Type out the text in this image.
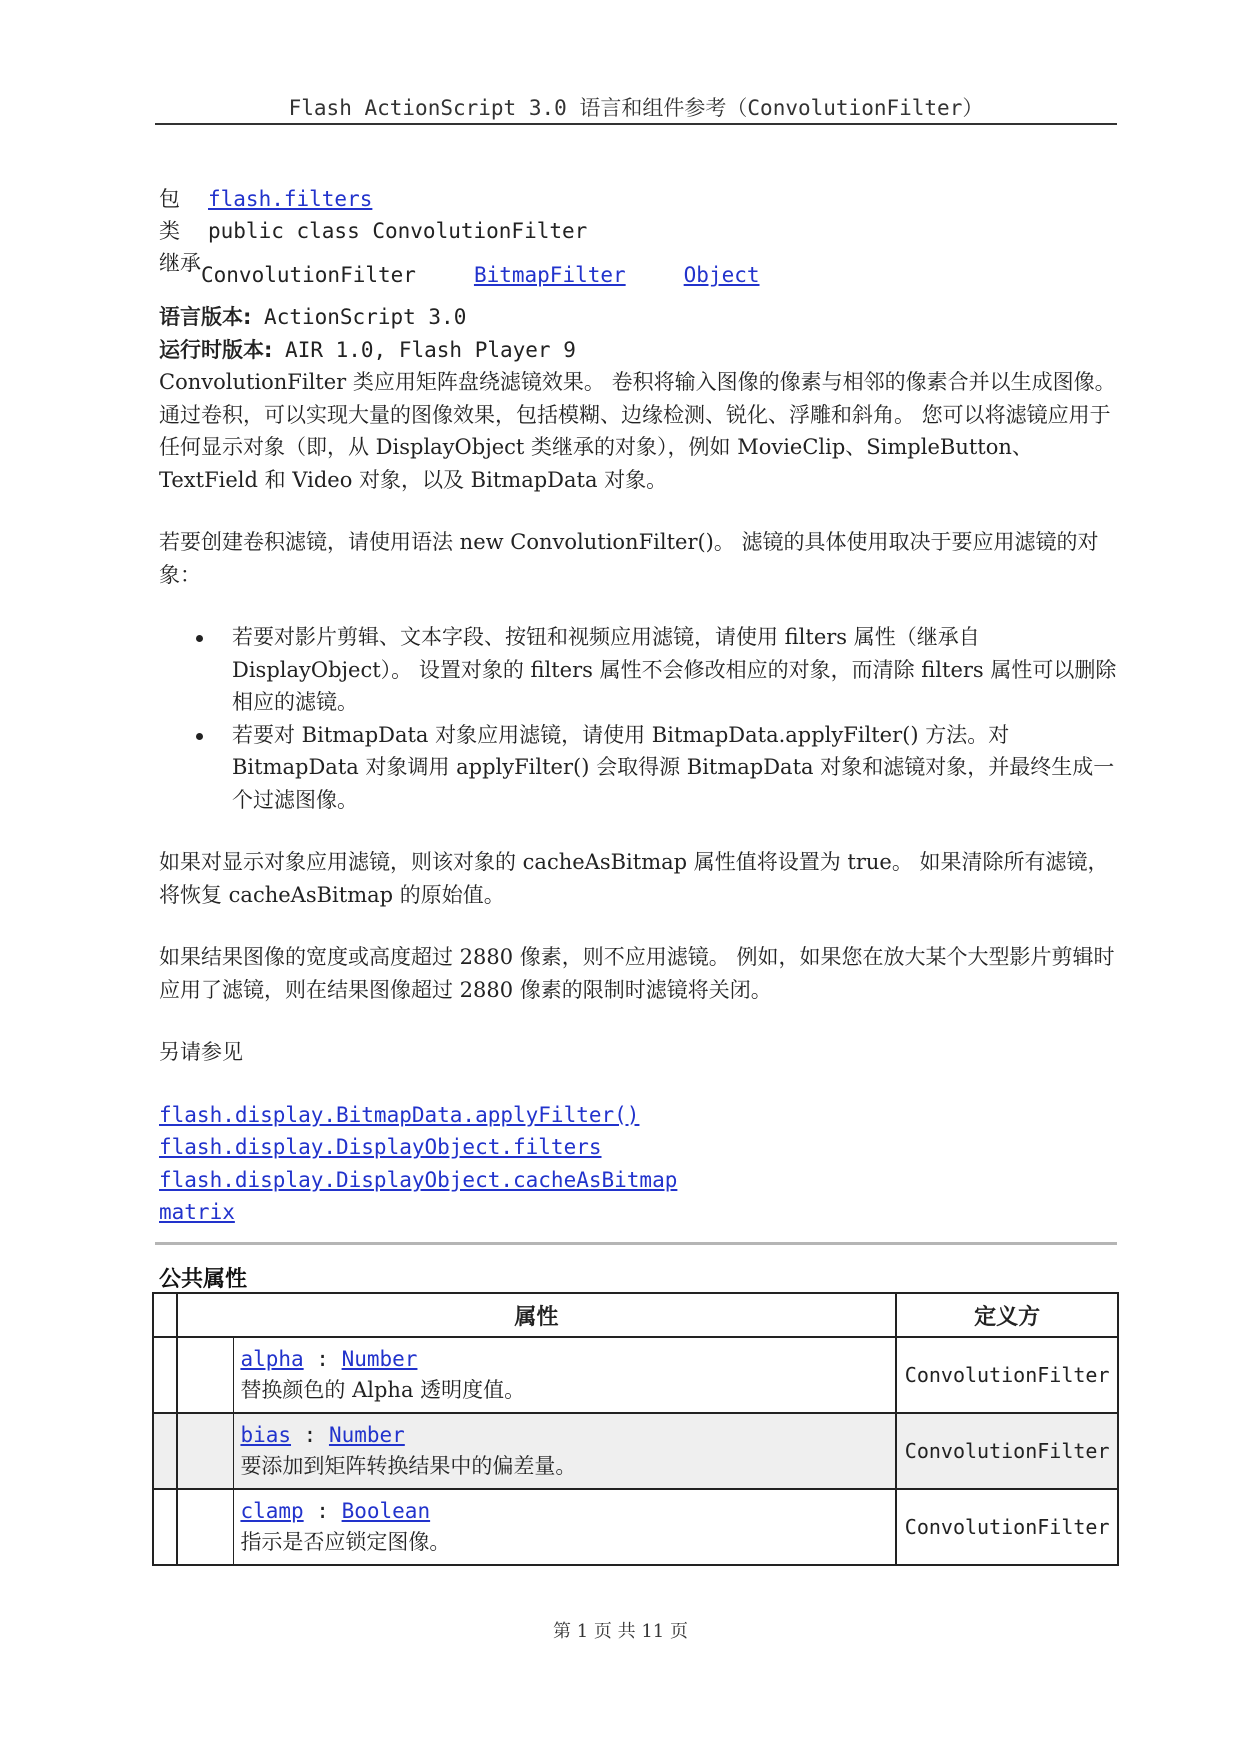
Flash ActionScript 3.0 语言和组件参考（ConvolutionFilter）
包 flash.filters
类 public class ConvolutionFilter
继承ConvolutionFilter	BitmapFilter	Object
语言版本: ActionScript 3.0
运行时版本: AIR 1.0, Flash Player 9

ConvolutionFilter 类应用矩阵盘绕滤镜效果。 卷积将输入图像的像素与相邻的像素合并以生成图像。 通过卷积，可以实现大量的图像效果，包括模糊、边缘检测、锐化、浮雕和斜角。 您可以将滤镜应用于任何显示对象（即，从 DisplayObject 类继承的对象），例如 MovieClip、SimpleButton、TextField 和 Video 对象，以及 BitmapData 对象。

若要创建卷积滤镜，请使用语法 new ConvolutionFilter()。 滤镜的具体使用取决于要应用滤镜的对象：

若要对影片剪辑、文本字段、按钮和视频应用滤镜，请使用 filters 属性（继承自 DisplayObject）。 设置对象的 filters 属性不会修改相应的对象，而清除 filters 属性可以删除相应的滤镜。
若要对 BitmapData 对象应用滤镜，请使用 BitmapData.applyFilter() 方法。对 BitmapData 对象调用 applyFilter() 会取得源 BitmapData 对象和滤镜对象，并最终生成一个过滤图像。

如果对显示对象应用滤镜，则该对象的 cacheAsBitmap 属性值将设置为 true。 如果清除所有滤镜，将恢复 cacheAsBitmap 的原始值。

如果结果图像的宽度或高度超过 2880 像素，则不应用滤镜。 例如，如果您在放大某个大型影片剪辑时应用了滤镜，则在结果图像超过 2880 像素的限制时滤镜将关闭。

另请参见

flash.display.BitmapData.applyFilter()

flash.display.DisplayObject.filters

flash.display.DisplayObject.cacheAsBitmap

matrix

公共属性
	属性		定义方

		alpha : Number
替换颜色的 Alpha 透明度值。	ConvolutionFilter

		bias : Number
要添加到矩阵转换结果中的偏差量。	ConvolutionFilter

		clamp : Boolean
指示是否应锁定图像。	ConvolutionFilter
第 1 页 共 11 页
